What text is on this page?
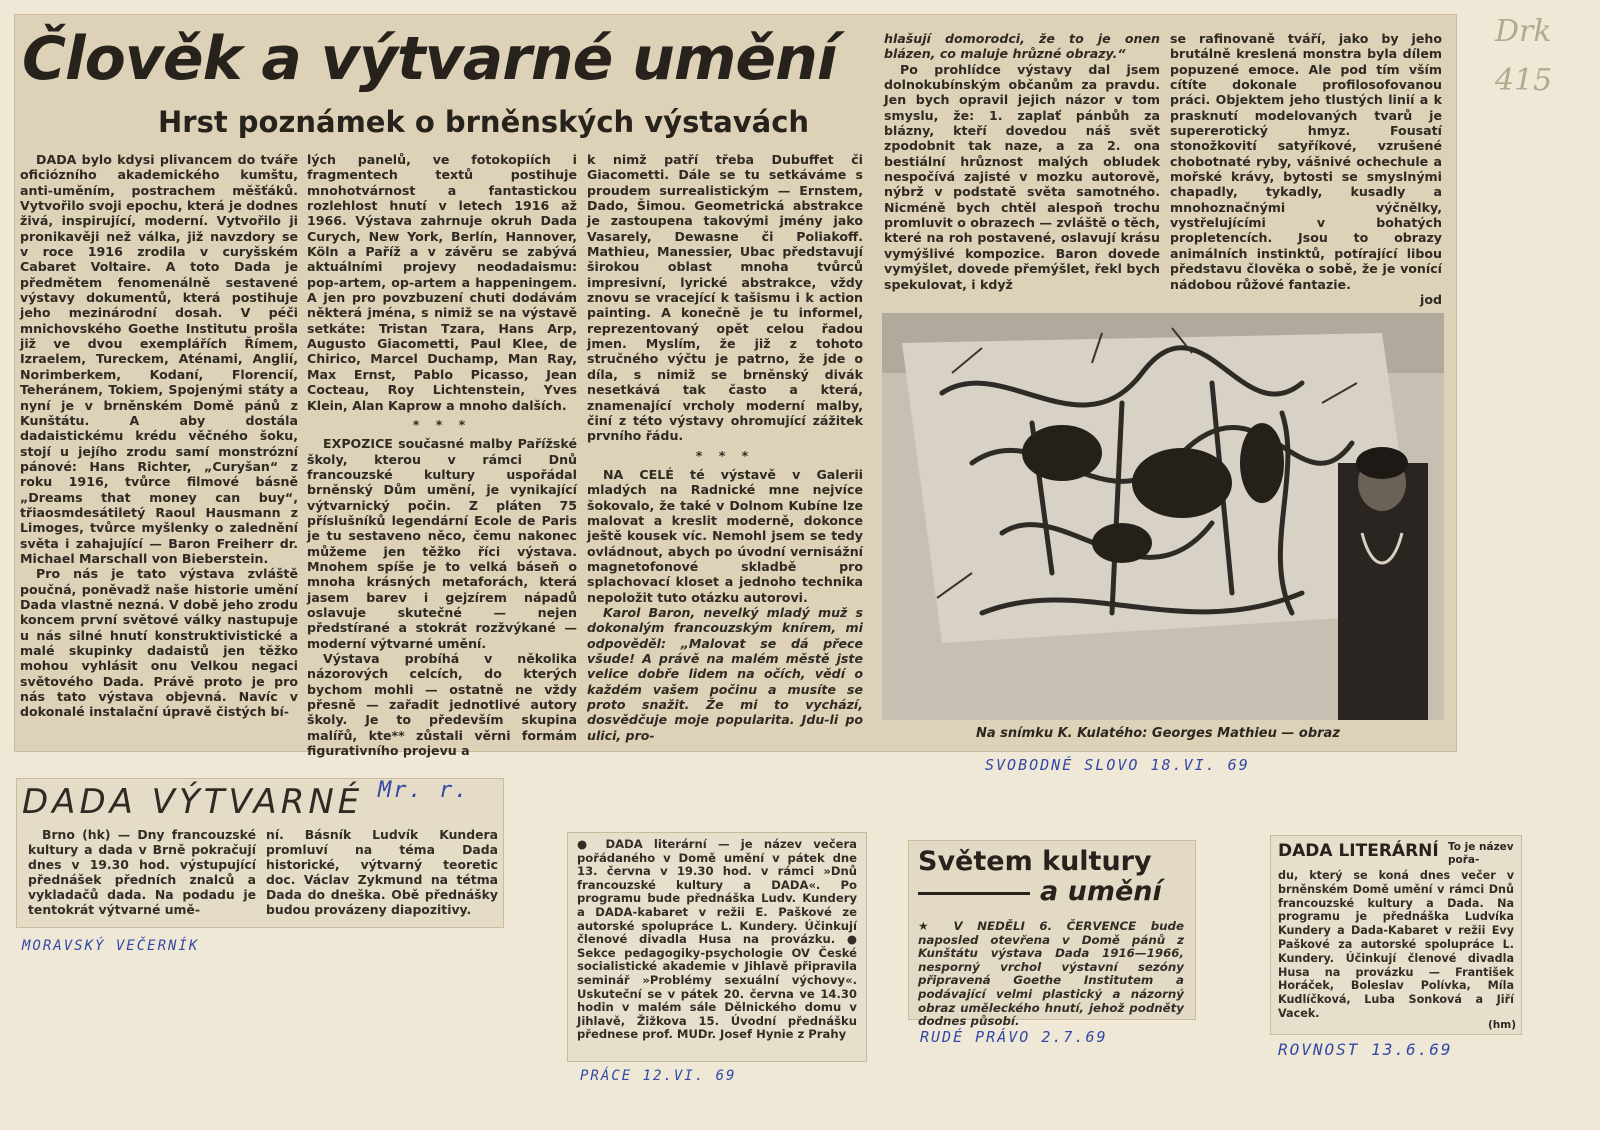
Člověk a výtvarné umění
Hrst poznámek o brněnských výstavách

DADA bylo kdysi plivancem do tváře oficiózního akademického kumštu, anti-uměním, postrachem měšťáků. Vytvořilo svoji epochu, která je dodnes živá, inspirující, moderní. Vytvořilo ji pronikavěji než válka, již navzdory se v roce 1916 zrodila v curyšském Cabaret Voltaire. A toto Dada je předmětem fenomenálně sestavené výstavy dokumentů, která postihuje jeho mezinárodní dosah. V péči mnichovského Goethe Institutu prošla již ve dvou exemplářích Římem, Izraelem, Tureckem, Aténami, Anglií, Norimberkem, Kodaní, Florencií, Teheránem, Tokiem, Spojenými státy a nyní je v brněnském Domě pánů z Kunštátu. A aby dostála dadaistickému krédu věčného šoku, stojí u jejího zrodu samí monstrózní pánové: Hans Richter, „Curyšan“ z roku 1916, tvůrce filmové básně „Dreams that money can buy“, třiaosmdesátiletý Raoul Hausmann z Limoges, tvůrce myšlenky o zalednění světa i zahajující — Baron Freiherr dr. Michael Marschall von Bieberstein.

Pro nás je tato výstava zvláště poučná, poněvadž naše historie umění Dada vlastně nezná. V době jeho zrodu koncem první světové války nastupuje u nás silné hnutí konstruktivistické a malé skupinky dadaistů jen těžko mohou vyhlásit onu Velkou negaci světového Dada. Právě proto je pro nás tato výstava objevná. Navíc v dokonalé instalační úpravě čistých bí-

lých panelů, ve fotokopiích i fragmentech textů postihuje mnohotvárnost a fantastickou rozlehlost hnutí v letech 1916 až 1966. Výstava zahrnuje okruh Dada Curych, New York, Berlín, Hannover, Köln a Paříž a v závěru se zabývá aktuálními projevy neodadaismu: pop-artem, op-artem a happeningem. A jen pro povzbuzení chuti dodávám některá jména, s nimiž se na výstavě setkáte: Tristan Tzara, Hans Arp, Augusto Giacometti, Paul Klee, de Chirico, Marcel Duchamp, Man Ray, Max Ernst, Pablo Picasso, Jean Cocteau, Roy Lichtenstein, Yves Klein, Alan Kaprow a mnoho dalších.

* * *

EXPOZICE současné malby Pařížské školy, kterou v rámci Dnů francouzské kultury uspořádal brněnský Dům umění, je vynikající výtvarnický počin. Z pláten 75 příslušníků legendární Ecole de Paris je tu sestaveno něco, čemu nakonec můžeme jen těžko říci výstava. Mnohem spíše je to velká báseň o mnoha krásných metaforách, která jasem barev i gejzírem nápadů oslavuje skutečné — nejen předstírané a stokrát rozžvýkané — moderní výtvarné umění.

Výstava probíhá v několika názorových celcích, do kterých bychom mohli — ostatně ne vždy přesně — zařadit jednotlivé autory školy. Je to především skupina malířů, kte** zůstali věrni formám figurativního projevu a

k nimž patří třeba Dubuffet či Giacometti. Dále se tu setkáváme s proudem surrealistickým — Ernstem, Dado, Šimou. Geometrická abstrakce je zastoupena takovými jmény jako Vasarely, Dewasne či Poliakoff. Mathieu, Manessier, Ubac představují širokou oblast mnoha tvůrců impresivní, lyrické abstrakce, vždy znovu se vracející k tašismu i k action painting. A konečně je tu informel, reprezentovaný opět celou řadou jmen. Myslím, že již z tohoto stručného výčtu je patrno, že jde o díla, s nimiž se brněnský divák nesetkává tak často a která, znamenající vrcholy moderní malby, činí z této výstavy ohromující zážitek prvního řádu.

* * *

NA CELÉ té výstavě v Galerii mladých na Radnické mne nejvíce šokovalo, že také v Dolnom Kubíne lze malovat a kreslit moderně, dokonce ještě kousek víc. Nemohl jsem se tedy ovládnout, abych po úvodní vernisážní magnetofonové skladbě pro splachovací kloset a jednoho technika nepoložit tuto otázku autorovi.

Karol Baron, nevelký mladý muž s dokonalým francouzským knírem, mi odpověděl: „Malovat se dá přece všude! A právě na malém městě jste velice dobře lidem na očích, vědí o každém vašem počinu a musíte se proto snažit. Že mi to vychází, dosvědčuje moje popularita. Jdu-li po ulici, pro-

hlašují domorodci, že to je onen blázen, co maluje hrůzné obrazy.“

Po prohlídce výstavy dal jsem dolnokubínským občanům za pravdu. Jen bych opravil jejich názor v tom smyslu, že: 1. zaplať pánbůh za blázny, kteří dovedou náš svět zpodobnit tak naze, a za 2. ona bestiální hrůznost malých obludek nespočívá zajisté v mozku autorově, nýbrž v podstatě světa samotného. Nicméně bych chtěl alespoň trochu promluvit o obrazech — zvláště o těch, které na roh postavené, oslavují krásu vymýšlivé kompozice. Baron dovede vymýšlet, dovede přemýšlet, řekl bych spekulovat, i když

se rafinovaně tváří, jako by jeho brutálně kreslená monstra byla dílem popuzené emoce. Ale pod tím vším cítíte dokonale profilosofovanou práci. Objektem jeho tlustých linií a k prasknutí modelovaných tvarů je supererotický hmyz. Fousatí stonožkovití satyříkové, vzrušené chobotnaté ryby, vášnivé ochechule a mořské krávy, bytosti se smyslnými chapadly, tykadly, kusadly a mnohoznačnými výčnělky, vystřelujícími v bohatých propletencích. Jsou to obrazy animálních instinktů, potírající libou představu člověka o sobě, že je vonící nádobou růžové fantazie.

jod

Na snímku K. Kulatého: Georges Mathieu — obraz

SVOBODNÉ SLOVO 18.VI. 69
Drk
415
DADA VÝTVARNÉ

Brno (hk) — Dny francouzské kultury a dada v Brně pokračují dnes v 19.30 hod. výstupující přednášek předních znalců a vykladačů dada. Na podadu je tentokrát výtvarné umě-

ní. Básník Ludvík Kundera promluví na téma Dada historické, výtvarný teoretic doc. Václav Zykmund na tétma Dada do dneška. Obě přednášky budou provázeny diapozitivy.

Mr. r.
MORAVSKÝ VEČERNÍK

● DADA literární — je název večera pořádaného v Domě umění v pátek dne 13. června v 19.30 hod. v rámci »Dnů francouzské kultury a DADA«. Po programu bude přednáška Ludv. Kundery a DADA-kabaret v režii E. Paškové ze autorské spolupráce L. Kundery. Účinkují členové divadla Husa na provázku. ● Sekce pedagogiky-psychologie OV České socialistické akademie v Jihlavě připravila seminář »Problémy sexuální výchovy«. Uskuteční se v pátek 20. června ve 14.30 hodin v malém sále Dělnického domu v Jihlavě, Žižkova 15. Úvodní přednášku přednese prof. MUDr. Josef Hynie z Prahy

PRÁCE 12.VI. 69
Světem kultury
a umění

★ V NEDĚLI 6. ČERVENCE bude naposled otevřena v Domě pánů z Kunštátu výstava Dada 1916—1966, nesporný vrchol výstavní sezóny připravená Goethe Institutem a podávající velmi plastický a názorný obraz uměleckého hnutí, jehož podněty dodnes působí.

RUDÉ PRÁVO 2.7.69
DADA LITERÁRNÍ To je název pořa-

du, který se koná dnes večer v brněnském Domě umění v rámci Dnů francouzské kultury a Dada. Na programu je přednáška Ludvíka Kundery a Dada-Kabaret v režii Evy Paškové za autorské spolupráce L. Kundery. Účinkují členové divadla Husa na provázku — František Horáček, Boleslav Polívka, Míla Kudlíčková, Luba Sonková a Jiří Vacek.

(hm)
ROVNOST 13.6.69
